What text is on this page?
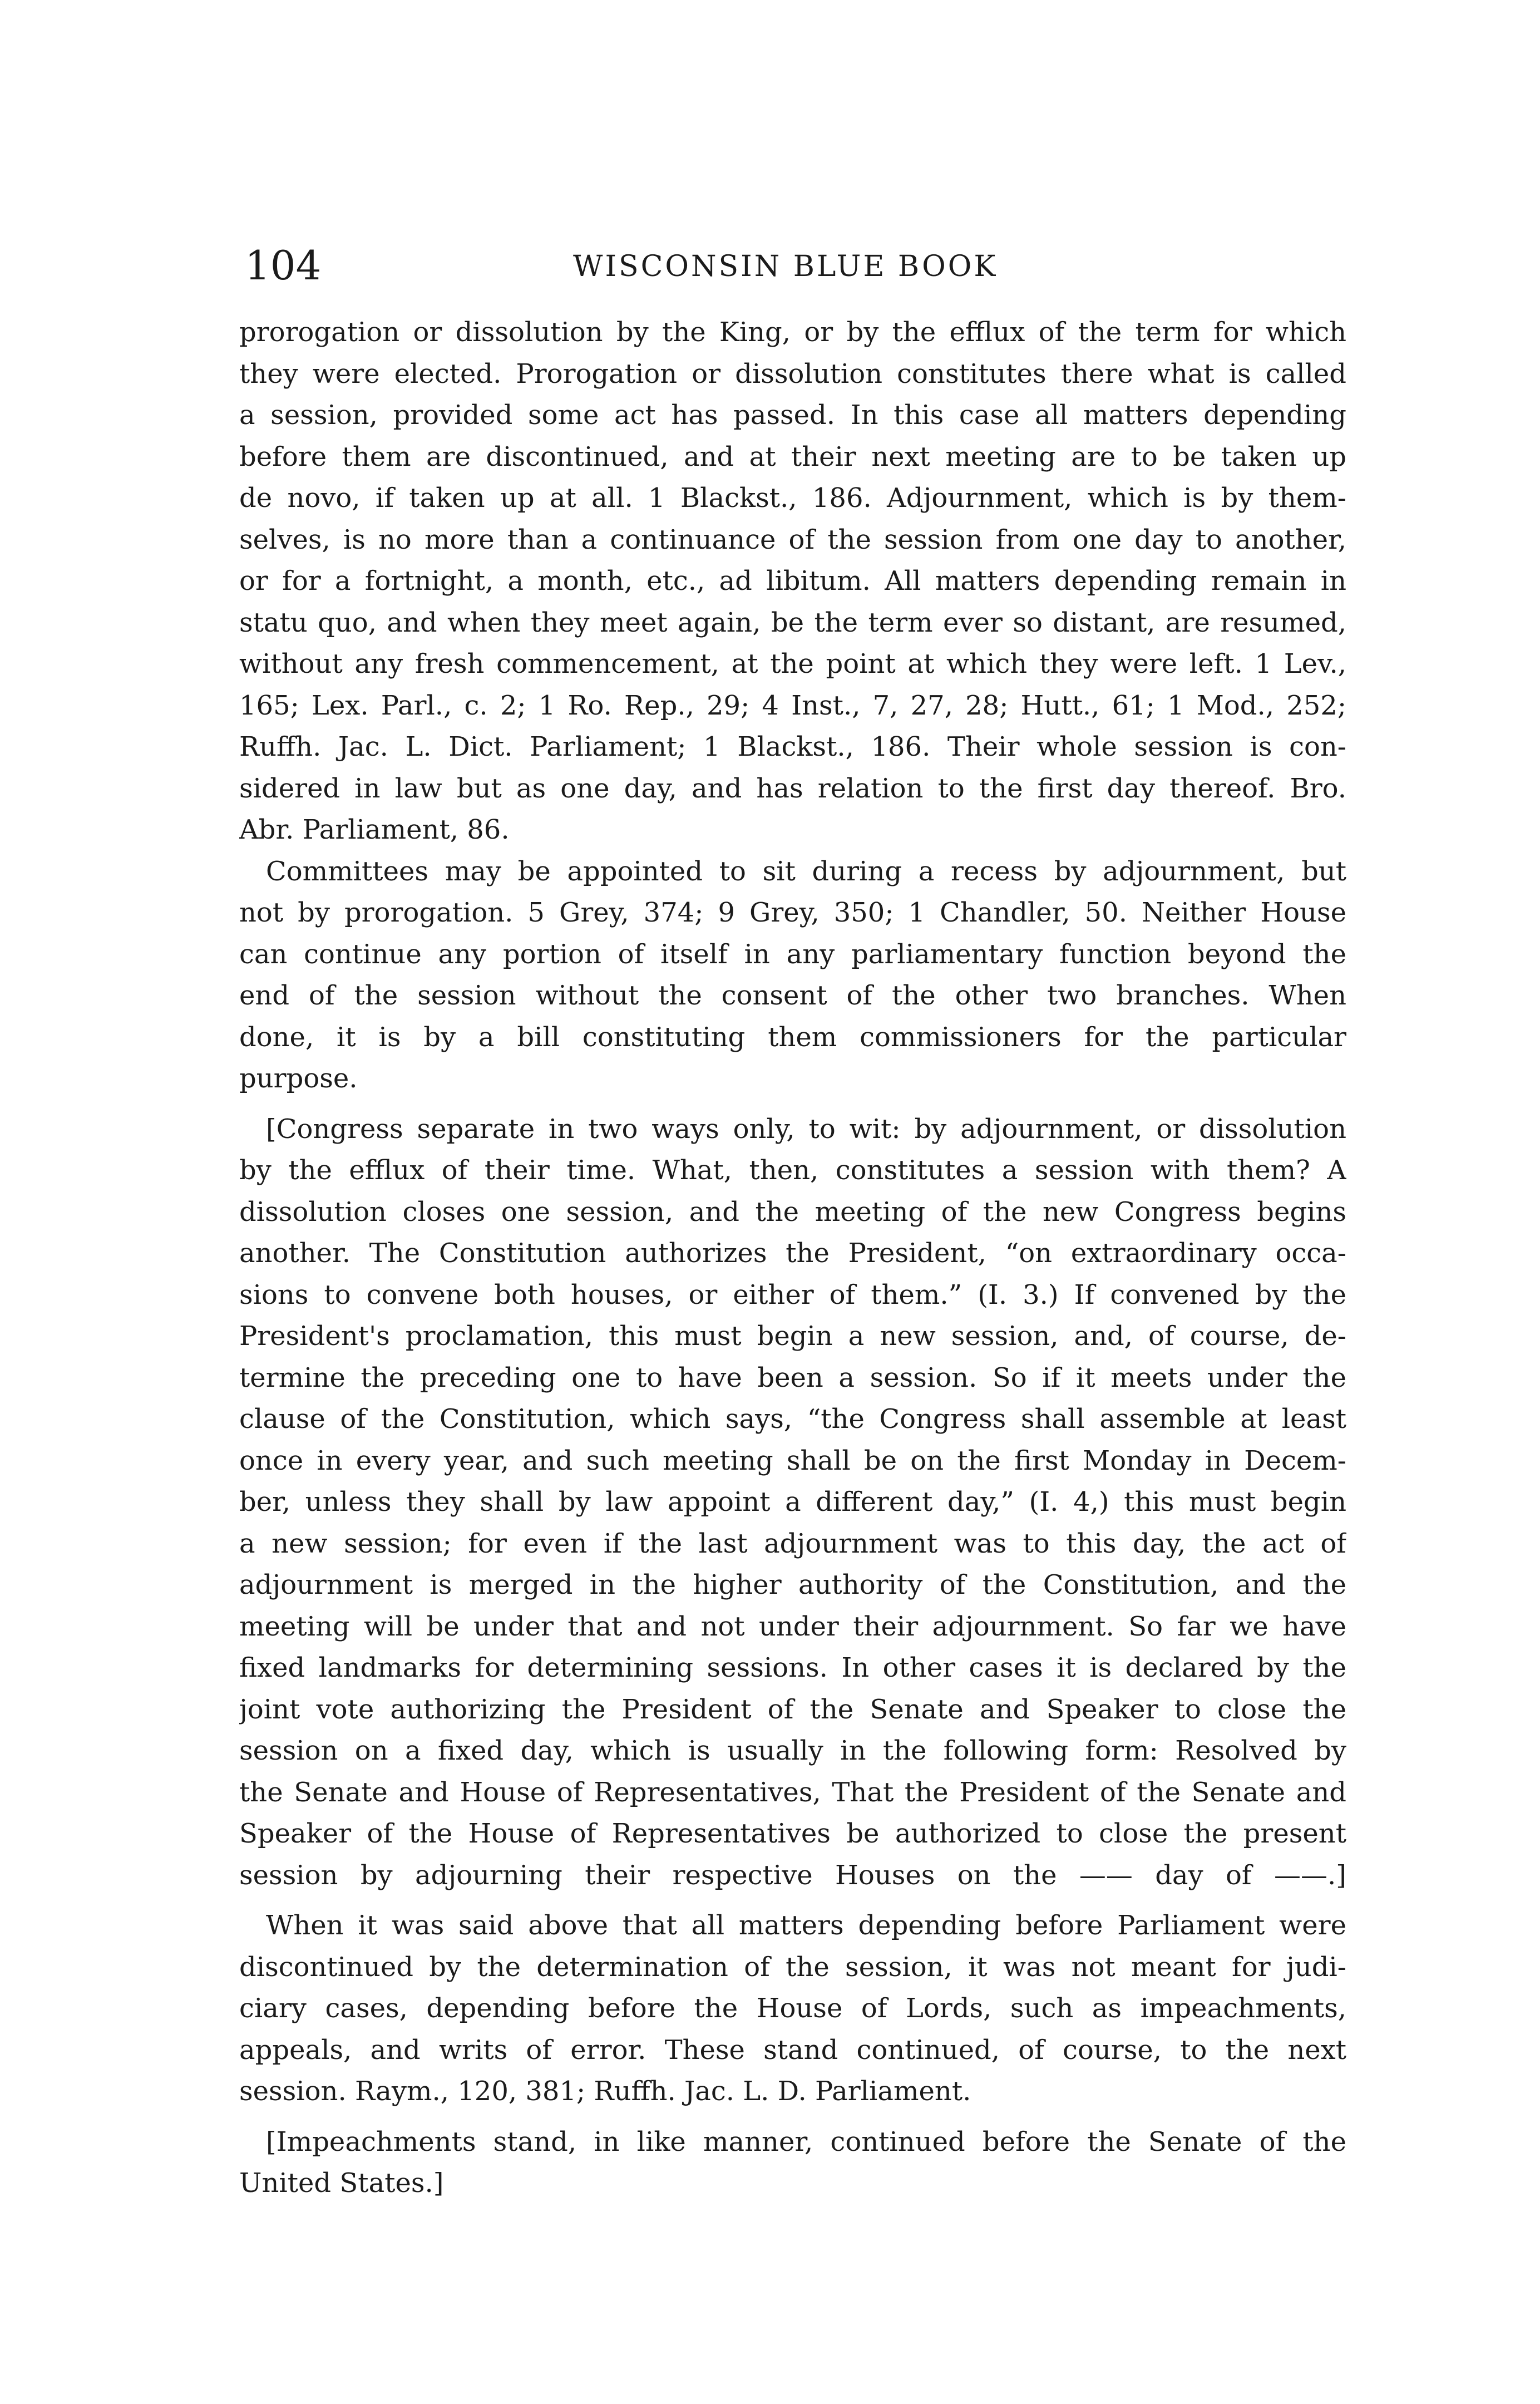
104	WISCONSIN BLUE BOOK
prorogation or dissolution by the King, or by the efflux of the term for which
they were elected. Prorogation or dissolution constitutes there what is called
a session, provided some act has passed. In this case all matters depending
before them are discontinued, and at their next meeting are to be taken up
de novo, if taken up at all. 1 Blackst., 186. Adjournment, which is by them-
selves, is no more than a continuance of the session from one day to another,
or for a fortnight, a month, etc., ad libitum. All matters depending remain in
statu quo, and when they meet again, be the term ever so distant, are resumed,
without any fresh commencement, at the point at which they were left. 1 Lev.,
165; Lex. Parl., c. 2; 1 Ro. Rep., 29; 4 Inst., 7, 27, 28; Hutt., 61; 1 Mod., 252;
Ruffh. Jac. L. Dict. Parliament; 1 Blackst., 186. Their whole session is con-
sidered in law but as one day, and has relation to the first day thereof. Bro.
Abr. Parliament, 86.
Committees may be appointed to sit during a recess by adjournment, but
not by prorogation. 5 Grey, 374; 9 Grey, 350; 1 Chandler, 50. Neither House
can continue any portion of itself in any parliamentary function beyond the
end of the session without the consent of the other two branches. When
done, it is by a bill constituting them commissioners for the particular
purpose.
[Congress separate in two ways only, to wit: by adjournment, or dissolution
by the efflux of their time. What, then, constitutes a session with them? A
dissolution closes one session, and the meeting of the new Congress begins
another. The Constitution authorizes the President, “on extraordinary occa-
sions to convene both houses, or either of them.” (I. 3.) If convened by the
President's proclamation, this must begin a new session, and, of course, de-
termine the preceding one to have been a session. So if it meets under the
clause of the Constitution, which says, “the Congress shall assemble at least
once in every year, and such meeting shall be on the first Monday in Decem-
ber, unless they shall by law appoint a different day,” (I. 4,) this must begin
a new session; for even if the last adjournment was to this day, the act of
adjournment is merged in the higher authority of the Constitution, and the
meeting will be under that and not under their adjournment. So far we have
fixed landmarks for determining sessions. In other cases it is declared by the
joint vote authorizing the President of the Senate and Speaker to close the
session on a fixed day, which is usually in the following form: Resolved by
the Senate and House of Representatives, That the President of the Senate and
Speaker of the House of Representatives be authorized to close the present
session by adjourning their respective Houses on the —— day of ——.]
When it was said above that all matters depending before Parliament were
discontinued by the determination of the session, it was not meant for judi-
ciary cases, depending before the House of Lords, such as impeachments,
appeals, and writs of error. These stand continued, of course, to the next
session. Raym., 120, 381; Ruffh. Jac. L. D. Parliament.
[Impeachments stand, in like manner, continued before the Senate of the
United States.]
